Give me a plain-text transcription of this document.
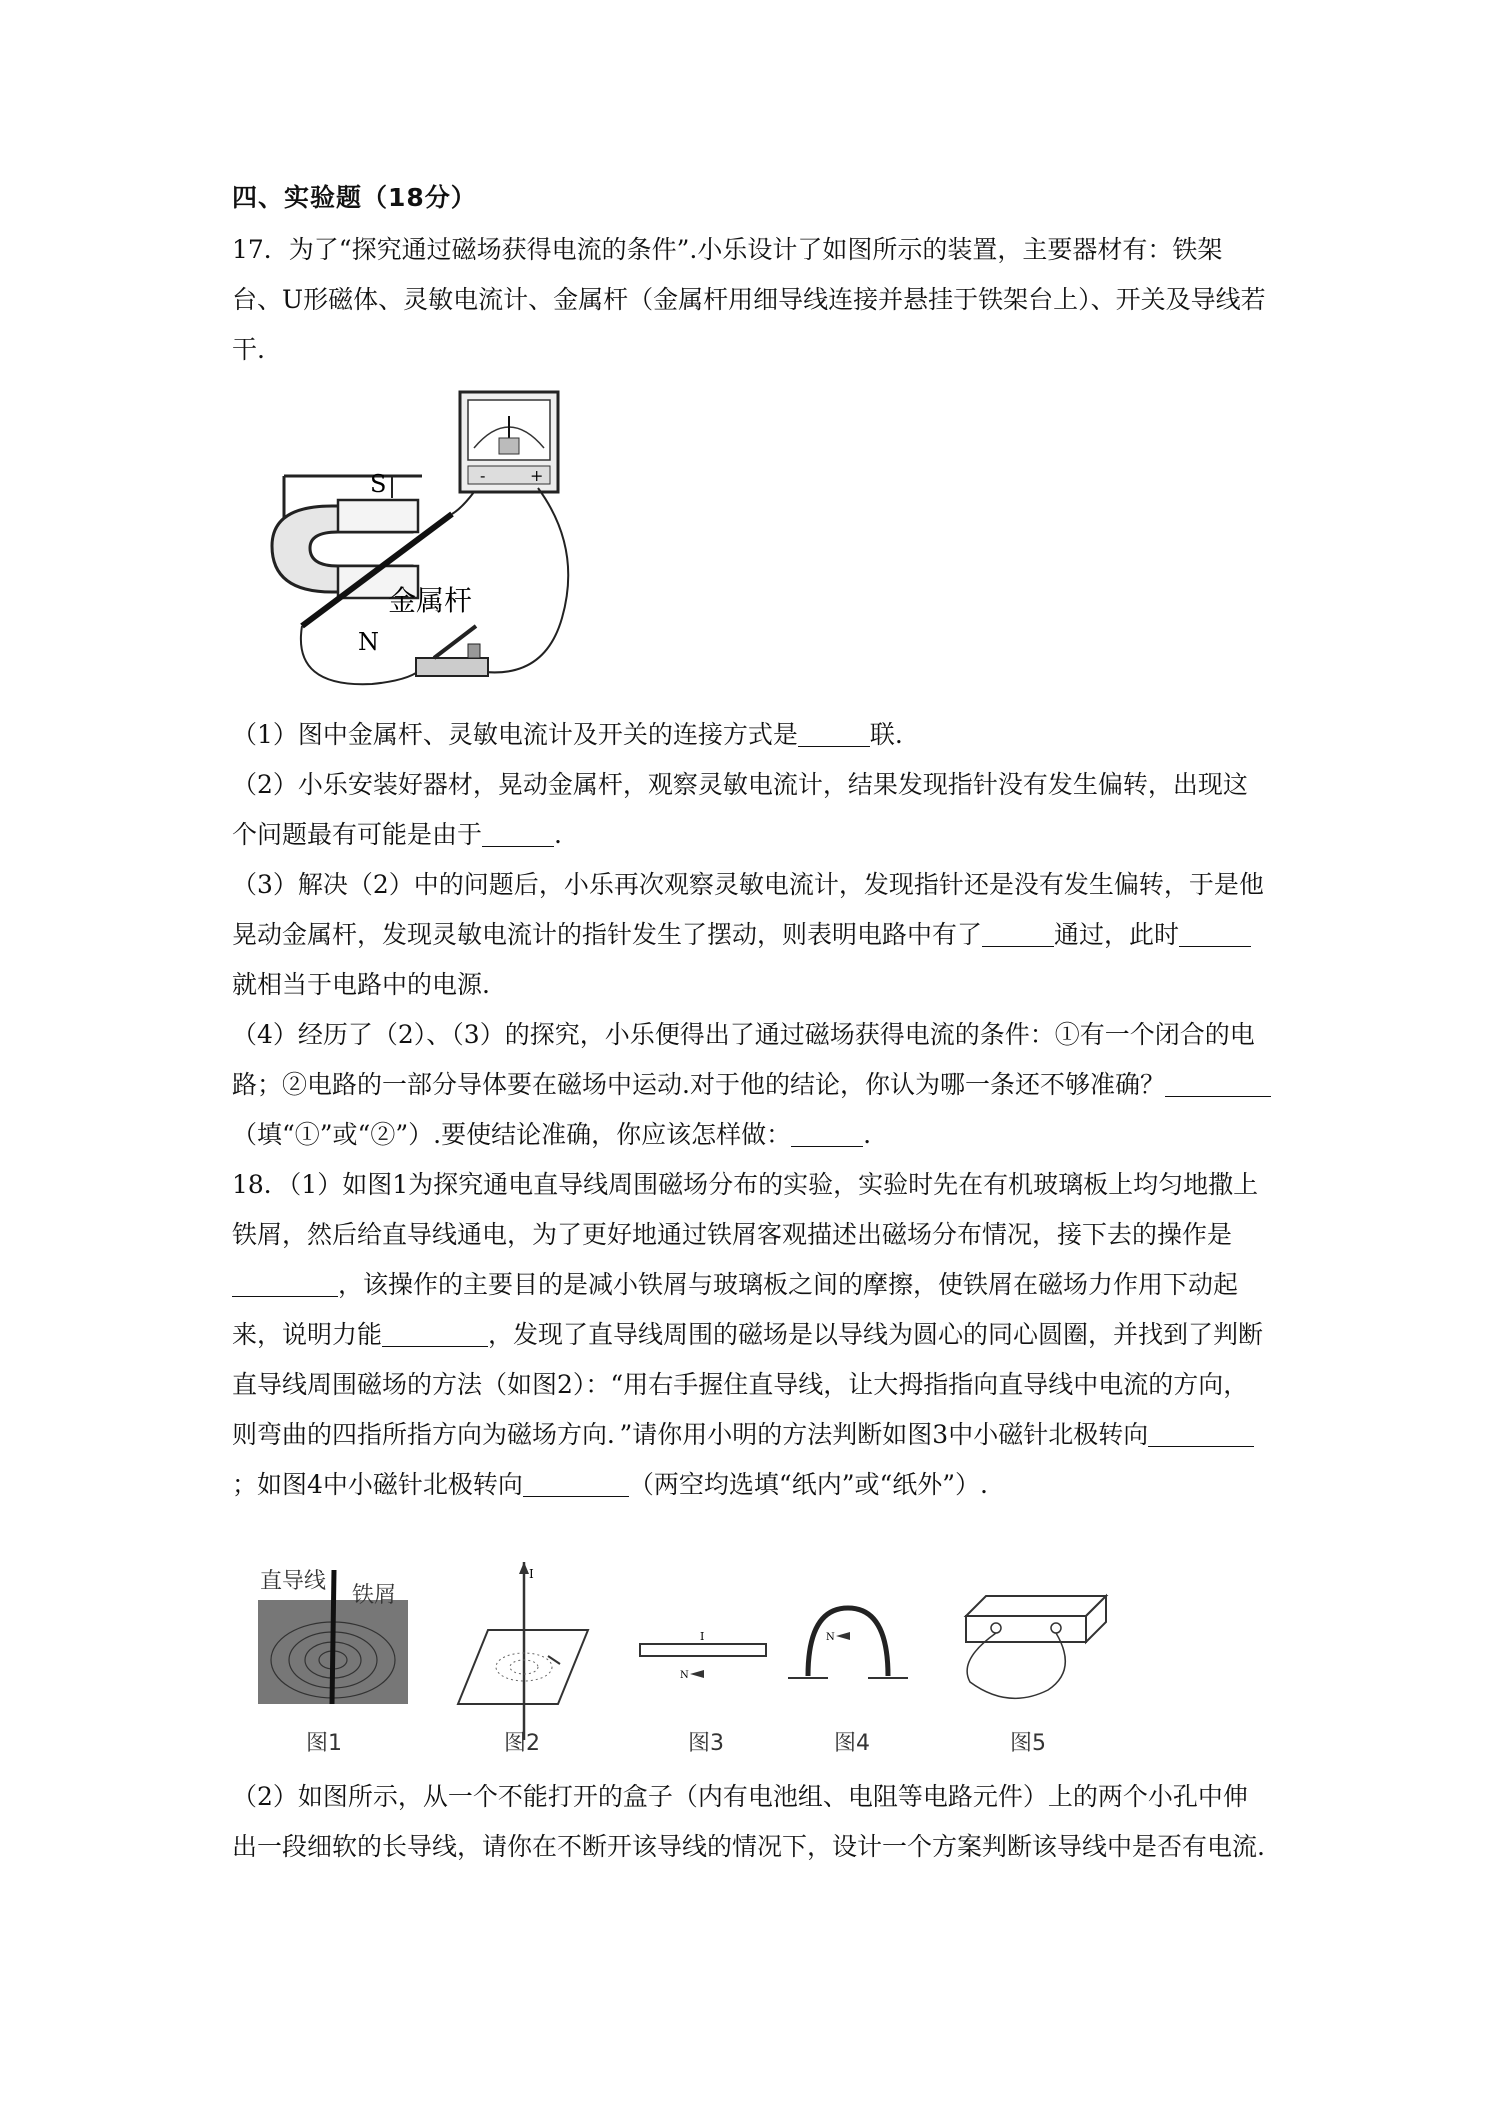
四、实验题（18分）

17．为了“探究通过磁场获得电流的条件”.小乐设计了如图所示的装置，主要器材有：铁架台、U形磁体、灵敏电流计、金属杆（金属杆用细导线连接并悬挂于铁架台上）、开关及导线若干.

-	+
S
N
金属杆

（1）图中金属杆、灵敏电流计及开关的连接方式是	联.

（2）小乐安装好器材，晃动金属杆，观察灵敏电流计，结果发现指针没有发生偏转，出现这个问题最有可能是由于	.

（3）解决（2）中的问题后，小乐再次观察灵敏电流计，发现指针还是没有发生偏转，于是他晃动金属杆，发现灵敏电流计的指针发生了摆动，则表明电路中有了	通过，此时就相当于电路中的电源.

（4）经历了（2）、（3）的探究，小乐便得出了通过磁场获得电流的条件：①有一个闭合的电路；②电路的一部分导体要在磁场中运动.对于他的结论，你认为哪一条还不够准确？（填“①”或“②”）.要使结论准确，你应该怎样做：	.

18．（1）如图1为探究通电直导线周围磁场分布的实验，实验时先在有机玻璃板上均匀地撒上铁屑，然后给直导线通电，为了更好地通过铁屑客观描述出磁场分布情况，接下去的操作是，该操作的主要目的是减小铁屑与玻璃板之间的摩擦，使铁屑在磁场力作用下动起来，说明力能	，发现了直导线周围的磁场是以导线为圆心的同心圆圈，并找到了判断直导线周围磁场的方法（如图2）：“用右手握住直导线，让大拇指指向直导线中电流的方向，则弯曲的四指所指方向为磁场方向．”请你用小明的方法判断如图3中小磁针北极转向；如图4中小磁针北极转向	（两空均选填“纸内”或“纸外”）.

直导线
铁屑
图1
I
图2
I
N
图3
N
图4	图5

（2）如图所示，从一个不能打开的盒子（内有电池组、电阻等电路元件）上的两个小孔中伸出一段细软的长导线，请你在不断开该导线的情况下，设计一个方案判断该导线中是否有电流.
